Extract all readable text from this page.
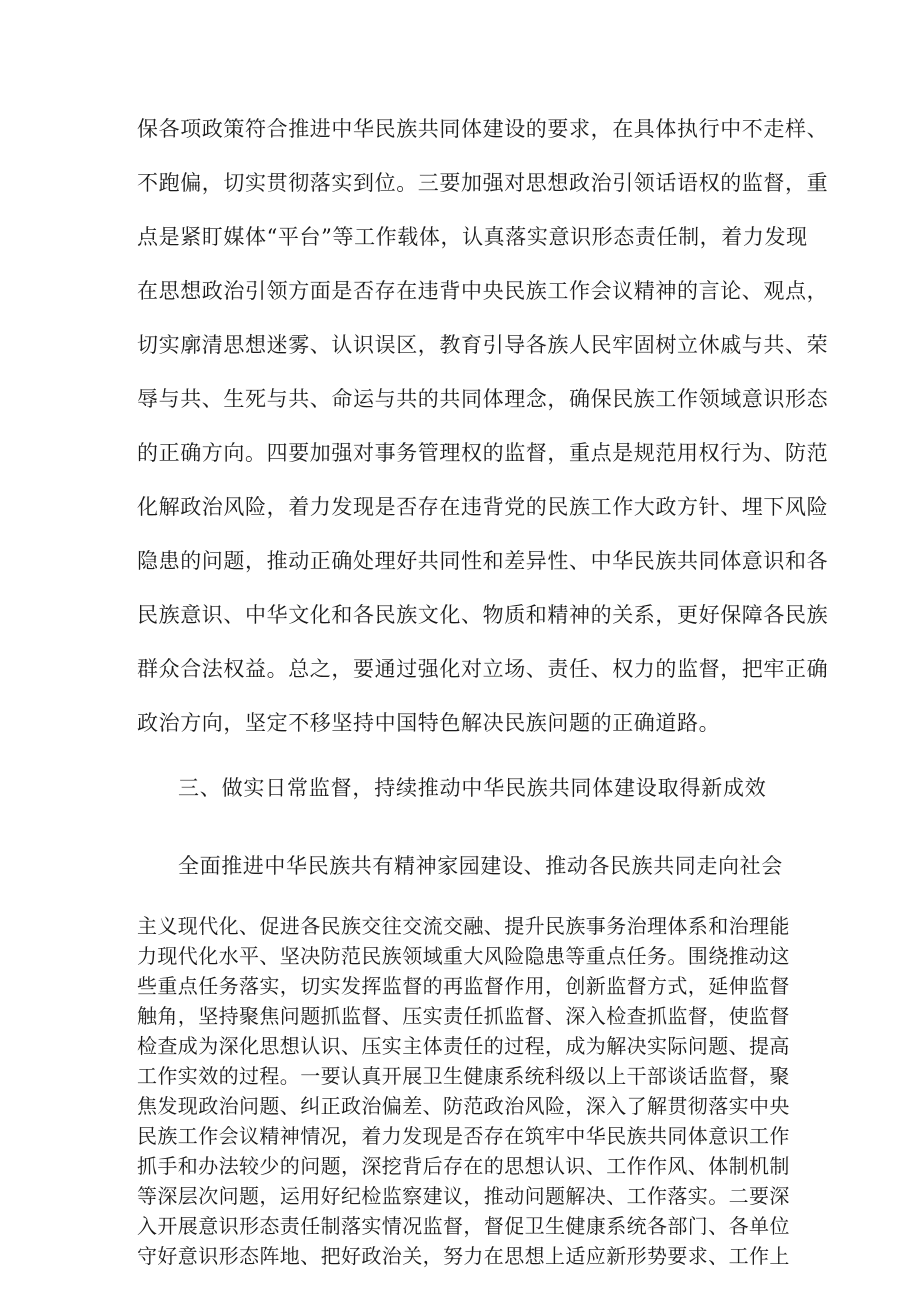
保各项政策符合推进中华民族共同体建设的要求，在具体执行中不走样、
不跑偏，切实贯彻落实到位。三要加强对思想政治引领话语权的监督，重
点是紧盯媒体“平台”等工作载体，认真落实意识形态责任制，着力发现
在思想政治引领方面是否存在违背中央民族工作会议精神的言论、观点，
切实廓清思想迷雾、认识误区，教育引导各族人民牢固树立休戚与共、荣
辱与共、生死与共、命运与共的共同体理念，确保民族工作领域意识形态
的正确方向。四要加强对事务管理权的监督，重点是规范用权行为、防范
化解政治风险，着力发现是否存在违背党的民族工作大政方针、埋下风险
隐患的问题，推动正确处理好共同性和差异性、中华民族共同体意识和各
民族意识、中华文化和各民族文化、物质和精神的关系，更好保障各民族
群众合法权益。总之，要通过强化对立场、责任、权力的监督，把牢正确
政治方向，坚定不移坚持中国特色解决民族问题的正确道路。
三、做实日常监督，持续推动中华民族共同体建设取得新成效
全面推进中华民族共有精神家园建设、推动各民族共同走向社会
主义现代化、促进各民族交往交流交融、提升民族事务治理体系和治理能
力现代化水平、坚决防范民族领域重大风险隐患等重点任务。围绕推动这
些重点任务落实，切实发挥监督的再监督作用，创新监督方式，延伸监督
触角，坚持聚焦问题抓监督、压实责任抓监督、深入检查抓监督，使监督
检查成为深化思想认识、压实主体责任的过程，成为解决实际问题、提高
工作实效的过程。一要认真开展卫生健康系统科级以上干部谈话监督，聚
焦发现政治问题、纠正政治偏差、防范政治风险，深入了解贯彻落实中央
民族工作会议精神情况，着力发现是否存在筑牢中华民族共同体意识工作
抓手和办法较少的问题，深挖背后存在的思想认识、工作作风、体制机制
等深层次问题，运用好纪检监察建议，推动问题解决、工作落实。二要深
入开展意识形态责任制落实情况监督，督促卫生健康系统各部门、各单位
守好意识形态阵地、把好政治关，努力在思想上适应新形势要求、工作上
